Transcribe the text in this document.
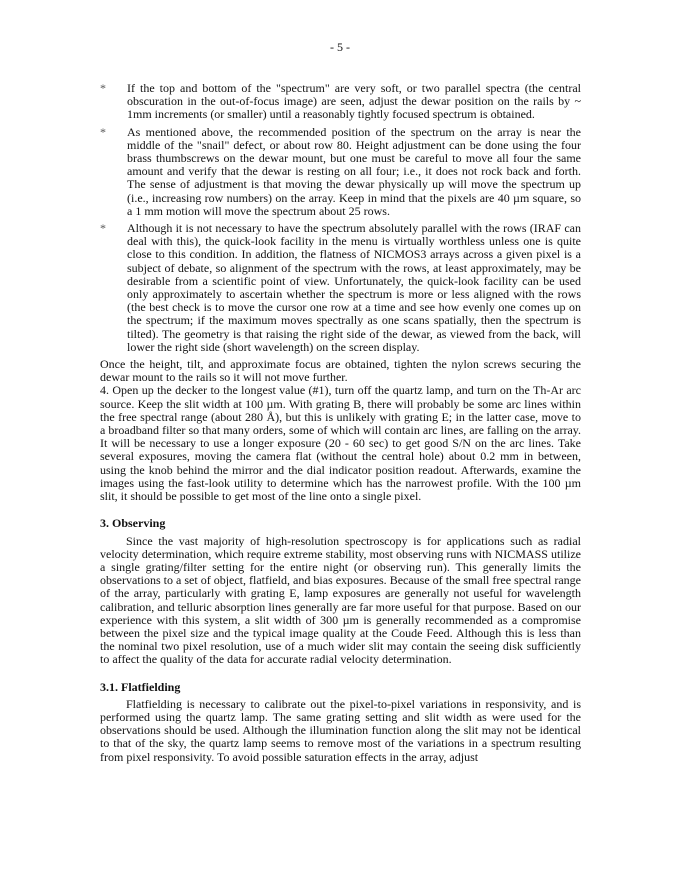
- 5 -
*	If the top and bottom of the "spectrum" are very soft, or two parallel spectra (the central obscuration in the out-of-focus image) are seen, adjust the dewar position on the rails by ~ 1mm increments (or smaller) until a reasonably tightly focused spectrum is obtained.
*	As mentioned above, the recommended position of the spectrum on the array is near the middle of the "snail" defect, or about row 80. Height adjustment can be done using the four brass thumbscrews on the dewar mount, but one must be careful to move all four the same amount and verify that the dewar is resting on all four; i.e., it does not rock back and forth. The sense of adjustment is that moving the dewar physically up will move the spectrum up (i.e., increasing row numbers) on the array. Keep in mind that the pixels are 40 µm square, so a 1 mm motion will move the spectrum about 25 rows.
*	Although it is not necessary to have the spectrum absolutely parallel with the rows (IRAF can deal with this), the quick-look facility in the menu is virtually worthless unless one is quite close to this condition. In addition, the flatness of NICMOS3 arrays across a given pixel is a subject of debate, so alignment of the spectrum with the rows, at least approximately, may be desirable from a scientific point of view. Unfortunately, the quick-look facility can be used only approximately to ascertain whether the spectrum is more or less aligned with the rows (the best check is to move the cursor one row at a time and see how evenly one comes up on the spectrum; if the maximum moves spectrally as one scans spatially, then the spectrum is tilted). The geometry is that raising the right side of the dewar, as viewed from the back, will lower the right side (short wavelength) on the screen display.

Once the height, tilt, and approximate focus are obtained, tighten the nylon screws securing the dewar mount to the rails so it will not move further.

4. Open up the decker to the longest value (#1), turn off the quartz lamp, and turn on the Th-Ar arc source. Keep the slit width at 100 µm. With grating B, there will probably be some arc lines within the free spectral range (about 280 Å), but this is unlikely with grating E; in the latter case, move to a broadband filter so that many orders, some of which will contain arc lines, are falling on the array. It will be necessary to use a longer exposure (20 - 60 sec) to get good S/N on the arc lines. Take several exposures, moving the camera flat (without the central hole) about 0.2 mm in between, using the knob behind the mirror and the dial indicator position readout. Afterwards, examine the images using the fast-look utility to determine which has the narrowest profile. With the 100 µm slit, it should be possible to get most of the line onto a single pixel.

3. Observing

Since the vast majority of high-resolution spectroscopy is for applications such as radial velocity determination, which require extreme stability, most observing runs with NICMASS utilize a single grating/filter setting for the entire night (or observing run). This generally limits the observations to a set of object, flatfield, and bias exposures. Because of the small free spectral range of the array, particularly with grating E, lamp exposures are generally not useful for wavelength calibration, and telluric absorption lines generally are far more useful for that purpose. Based on our experience with this system, a slit width of 300 µm is generally recommended as a compromise between the pixel size and the typical image quality at the Coude Feed. Although this is less than the nominal two pixel resolution, use of a much wider slit may contain the seeing disk sufficiently to affect the quality of the data for accurate radial velocity determination.

3.1. Flatfielding

Flatfielding is necessary to calibrate out the pixel-to-pixel variations in responsivity, and is performed using the quartz lamp. The same grating setting and slit width as were used for the observations should be used. Although the illumination function along the slit may not be identical to that of the sky, the quartz lamp seems to remove most of the variations in a spectrum resulting from pixel responsivity. To avoid possible saturation effects in the array, adjust
